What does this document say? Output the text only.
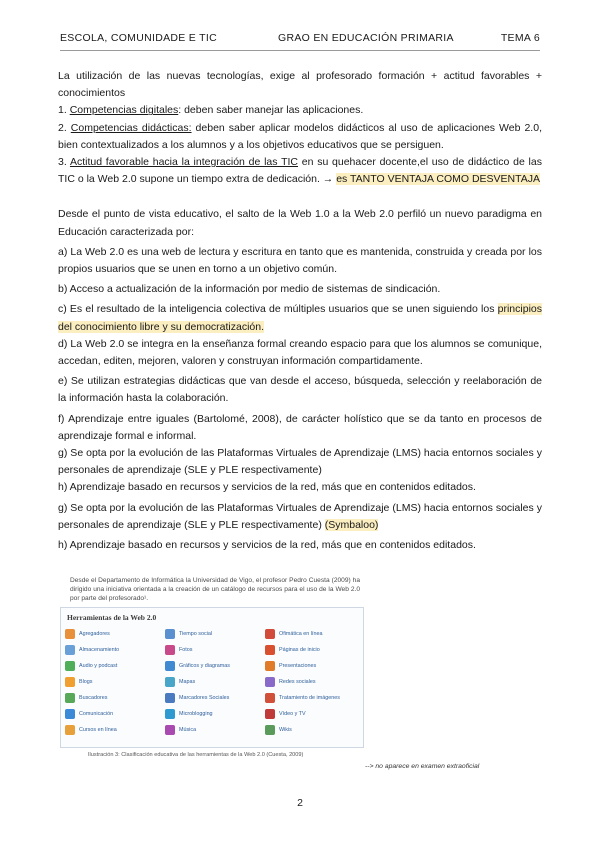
ESCOLA, COMUNIDADE E TIC	GRAO EN EDUCACIÓN PRIMARIA	TEMA 6

La utilización de las nuevas tecnologías, exige al profesorado formación + actitud favorables + conocimientos

1. Competencias digitales: deben saber manejar las aplicaciones.

2. Competencias didácticas: deben saber aplicar modelos didácticos al uso de aplicaciones Web 2.0, bien contextualizados a los alumnos y a los objetivos educativos que se persiguen.

3. Actitud favorable hacia la integración de las TIC en su quehacer docente,el uso de didáctico de las TIC o la Web 2.0 supone un tiempo extra de dedicación. → es TANTO VENTAJA COMO DESVENTAJA

Desde el punto de vista educativo, el salto de la Web 1.0 a la Web 2.0 perfiló un nuevo paradigma en Educación caracterizada por:

a) La Web 2.0 es una web de lectura y escritura en tanto que es mantenida, construida y creada por los propios usuarios que se unen en torno a un objetivo común.

b) Acceso a actualización de la información por medio de sistemas de sindicación.

c) Es el resultado de la inteligencia colectiva de múltiples usuarios que se unen siguiendo los principios del conocimiento libre y su democratización.

d) La Web 2.0 se integra en la enseñanza formal creando espacio para que los alumnos se comunique, accedan, editen, mejoren, valoren y construyan información compartidamente.

e) Se utilizan estrategias didácticas que van desde el acceso, búsqueda, selección y reelaboración de la información hasta la colaboración.

f) Aprendizaje entre iguales (Bartolomé, 2008), de carácter holístico que se da tanto en procesos de aprendizaje formal e informal.

g) Se opta por la evolución de las Plataformas Virtuales de Aprendizaje (LMS) hacia entornos sociales y personales de aprendizaje (SLE y PLE respectivamente)

h) Aprendizaje basado en recursos y servicios de la red, más que en contenidos editados.

g) Se opta por la evolución de las Plataformas Virtuales de Aprendizaje (LMS) hacia entornos sociales y personales de aprendizaje (SLE y PLE respectivamente) (Symbaloo)

h) Aprendizaje basado en recursos y servicios de la red, más que en contenidos editados.

Desde el Departamento de Informática la Universidad de Vigo, el profesor Pedro Cuesta (2009) ha dirigido una iniciativa orientada a la creación de un catálogo de recursos para el uso de la Web 2.0 por parte del profesorado¹.
Herramientas de la Web 2.0
Agregadores	Tiempo social	Ofimática en línea
Almacenamiento	Fotos	Páginas de inicio
Audio y podcast	Gráficos y diagramas	Presentaciones
Blogs	Mapas	Redes sociales
Buscadores	Marcadores Sociales	Tratamiento de imágenes
Comunicación	Microblogging	Vídeo y TV
Cursos en línea	Música	Wikis
Ilustración 3: Clasificación educativa de las herramientas de la Web 2.0 (Cuesta, 2009)
--> no aparece en examen extraoficial
2
